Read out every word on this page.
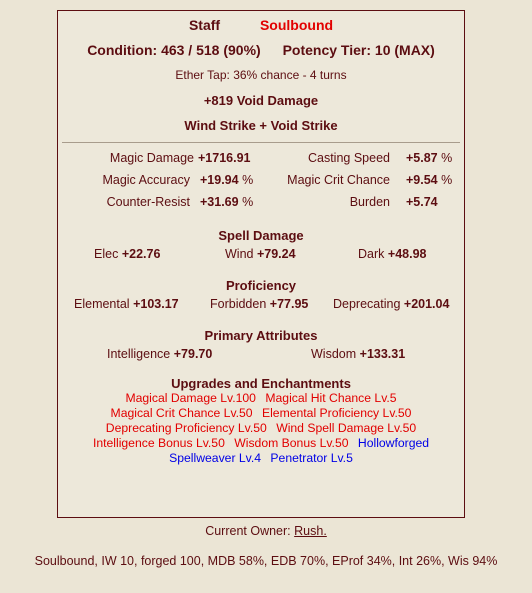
Staff	Soulbound
Condition: 463 / 518 (90%) Potency Tier: 10 (MAX)
Ether Tap: 36% chance - 4 turns
+819 Void Damage
Wind Strike + Void Strike
Magic Damage +1716.91	Casting Speed +5.87 %
Magic Accuracy +19.94 %	Magic Crit Chance +9.54 %
Counter-Resist +31.69 %	Burden +5.74
Spell Damage
Elec +22.76	Wind +79.24	Dark +48.98
Proficiency
Elemental +103.17	Forbidden +77.95 Deprecating +201.04
Primary Attributes
Intelligence +79.70	Wisdom +133.31
Upgrades and Enchantments
Magical Damage Lv.100 Magical Hit Chance Lv.5
Magical Crit Chance Lv.50 Elemental Proficiency Lv.50
Deprecating Proficiency Lv.50 Wind Spell Damage Lv.50
Intelligence Bonus Lv.50 Wisdom Bonus Lv.50 Hollowforged
Spellweaver Lv.4 Penetrator Lv.5
Current Owner: Rush.
Soulbound, IW 10, forged 100, MDB 58%, EDB 70%, EProf 34%, Int 26%, Wis 94%
